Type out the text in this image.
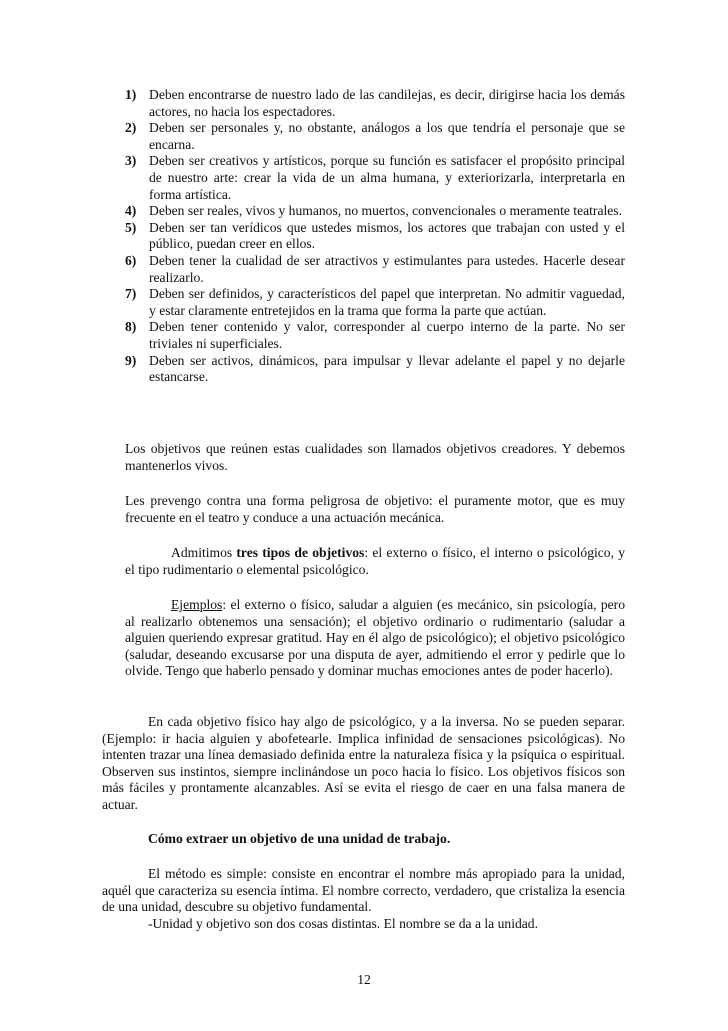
1) Deben encontrarse de nuestro lado de las candilejas, es decir, dirigirse hacia los demás actores, no hacia los espectadores.
2) Deben ser personales y, no obstante, análogos a los que tendría el personaje que se encarna.
3) Deben ser creativos y artísticos, porque su función es satisfacer el propósito principal de nuestro arte: crear la vida de un alma humana, y exteriorizarla, interpretarla en forma artística.
4) Deben ser reales, vivos y humanos, no muertos, convencionales o meramente teatrales.
5) Deben ser tan verídicos que ustedes mismos, los actores que trabajan con usted y el público, puedan creer en ellos.
6) Deben tener la cualidad de ser atractivos y estimulantes para ustedes. Hacerle desear realizarlo.
7) Deben ser definidos, y característicos del papel que interpretan. No admitir vaguedad, y estar claramente entretejidos en la trama que forma la parte que actúan.
8) Deben tener contenido y valor, corresponder al cuerpo interno de la parte. No ser triviales ni superficiales.
9) Deben ser activos, dinámicos, para impulsar y llevar adelante el papel y no dejarle estancarse.

Los objetivos que reúnen estas cualidades son llamados objetivos creadores. Y debemos mantenerlos vivos.

Les prevengo contra una forma peligrosa de objetivo: el puramente motor, que es muy frecuente en el teatro y conduce a una actuación mecánica.

Admitimos tres tipos de objetivos: el externo o físico, el interno o psicológico, y el tipo rudimentario o elemental psicológico.

Ejemplos: el externo o físico, saludar a alguien (es mecánico, sin psicología, pero al realizarlo obtenemos una sensación); el objetivo ordinario o rudimentario (saludar a alguien queriendo expresar gratitud. Hay en él algo de psicológico); el objetivo psicológico (saludar, deseando excusarse por una disputa de ayer, admitiendo el error y pedirle que lo olvide. Tengo que haberlo pensado y dominar muchas emociones antes de poder hacerlo).

En cada objetivo físico hay algo de psicológico, y a la inversa. No se pueden separar. (Ejemplo: ir hacia alguien y abofetearle. Implica infinidad de sensaciones psicológicas). No intenten trazar una línea demasiado definida entre la naturaleza física y la psíquica o espiritual. Observen sus instintos, siempre inclinándose un poco hacia lo físico. Los objetivos físicos son más fáciles y prontamente alcanzables. Así se evita el riesgo de caer en una falsa manera de actuar.

Cómo extraer un objetivo de una unidad de trabajo.

El método es simple: consiste en encontrar el nombre más apropiado para la unidad, aquél que caracteriza su esencia íntima. El nombre correcto, verdadero, que cristaliza la esencia de una unidad, descubre su objetivo fundamental.

-Unidad y objetivo son dos cosas distintas. El nombre se da a la unidad.

12
